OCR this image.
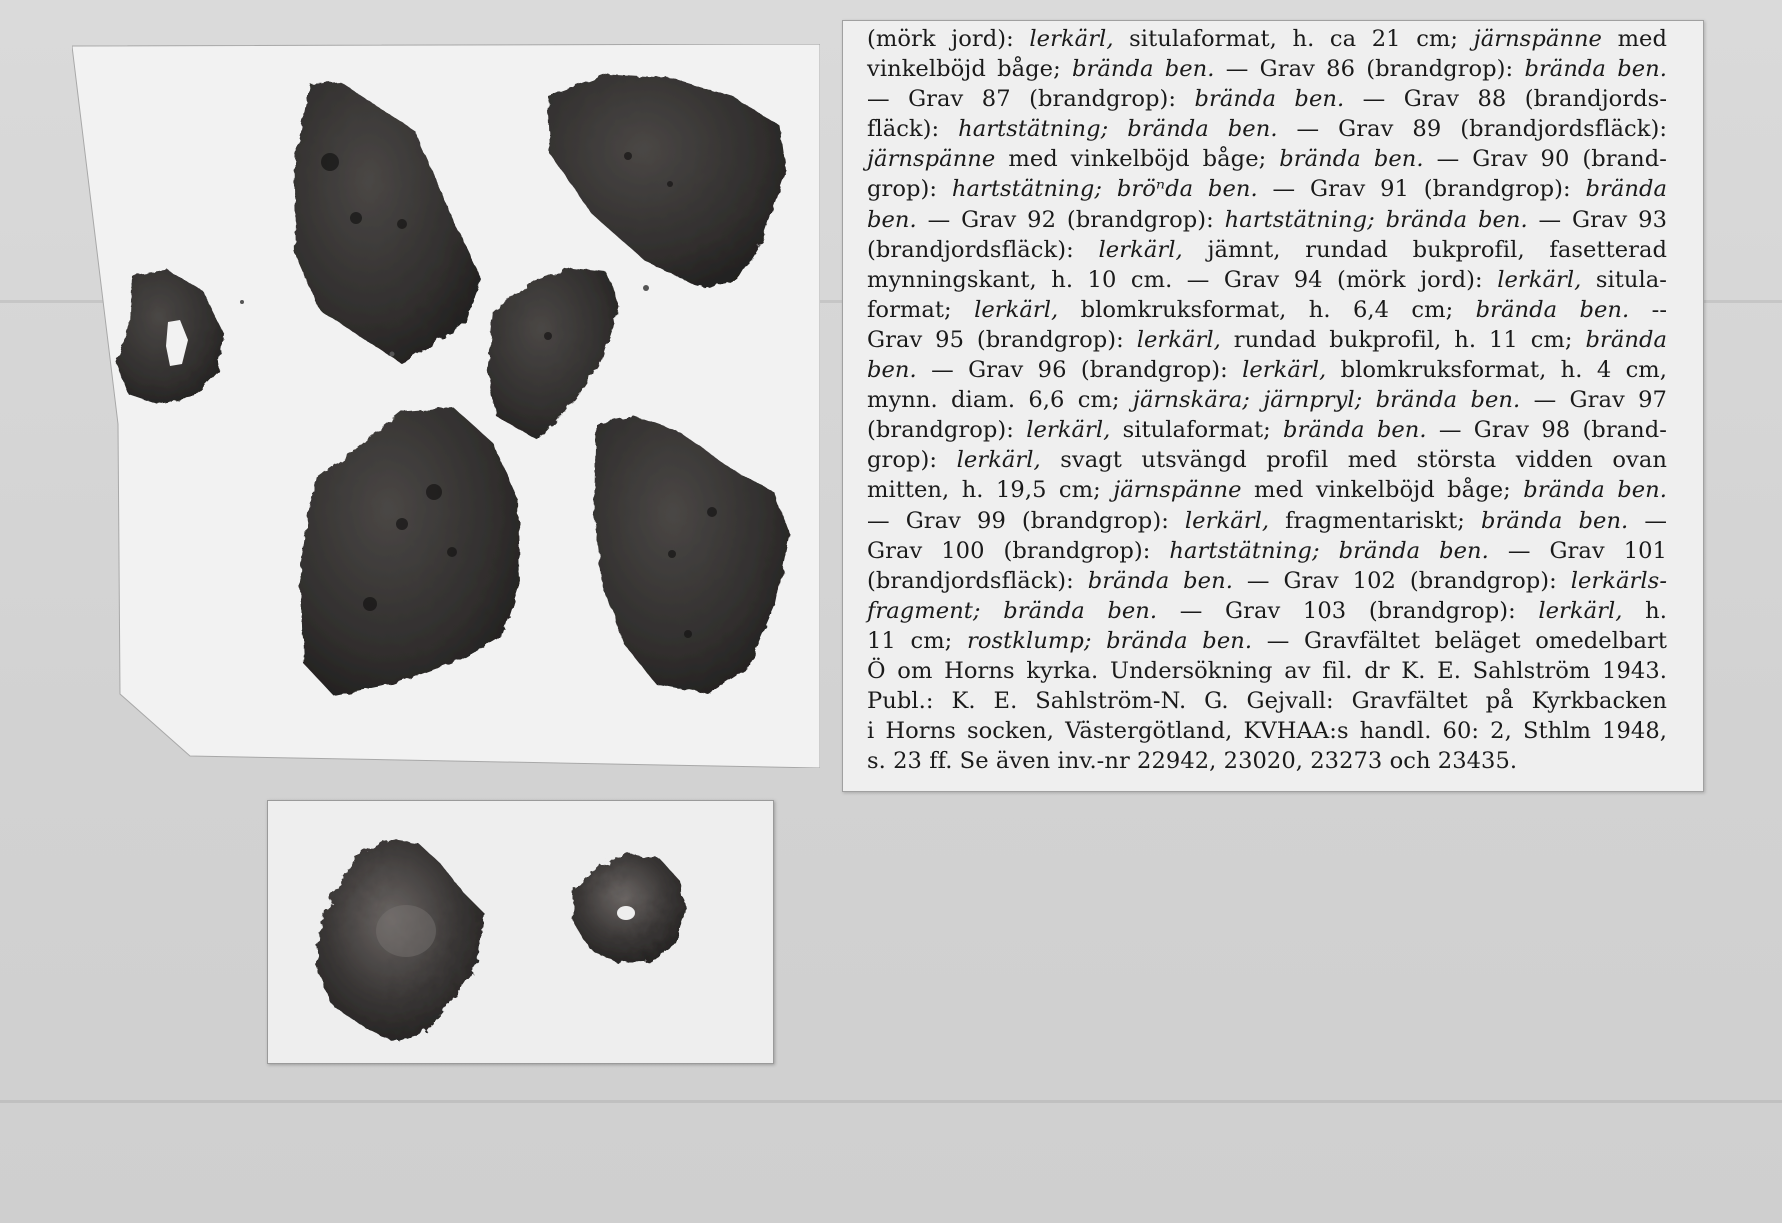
(mörk jord): lerkärl, situlaformat, h. ca 21 cm; järnspänne med
vinkelböjd båge; brända ben. — Grav 86 (brandgrop): brända ben.
— Grav 87 (brandgrop): brända ben. — Grav 88 (brandjords-
fläck): hartstätning; brända ben. — Grav 89 (brandjordsfläck):
järnspänne med vinkelböjd båge; brända ben. — Grav 90 (brand-
grop): hartstätning; bröⁿda ben. — Grav 91 (brandgrop): brända
ben. — Grav 92 (brandgrop): hartstätning; brända ben. — Grav 93
(brandjordsfläck): lerkärl, jämnt, rundad bukprofil, fasetterad
mynningskant, h. 10 cm. — Grav 94 (mörk jord): lerkärl, situla-
format; lerkärl, blomkruksformat, h. 6,4 cm; brända ben. --
Grav 95 (brandgrop): lerkärl, rundad bukprofil, h. 11 cm; brända
ben. — Grav 96 (brandgrop): lerkärl, blomkruksformat, h. 4 cm,
mynn. diam. 6,6 cm; järnskära; järnpryl; brända ben. — Grav 97
(brandgrop): lerkärl, situlaformat; brända ben. — Grav 98 (brand-
grop): lerkärl, svagt utsvängd profil med största vidden ovan
mitten, h. 19,5 cm; järnspänne med vinkelböjd båge; brända ben.
— Grav 99 (brandgrop): lerkärl, fragmentariskt; brända ben. —
Grav 100 (brandgrop): hartstätning; brända ben. — Grav 101
(brandjordsfläck): brända ben. — Grav 102 (brandgrop): lerkärls-
fragment; brända ben. — Grav 103 (brandgrop): lerkärl, h.
11 cm; rostklump; brända ben. — Gravfältet beläget omedelbart
Ö om Horns kyrka. Undersökning av fil. dr K. E. Sahlström 1943.
Publ.: K. E. Sahlström-N. G. Gejvall: Gravfältet på Kyrkbacken
i Horns socken, Västergötland, KVHAA:s handl. 60: 2, Sthlm 1948,
s. 23 ff. Se även inv.-nr 22942, 23020, 23273 och 23435.
